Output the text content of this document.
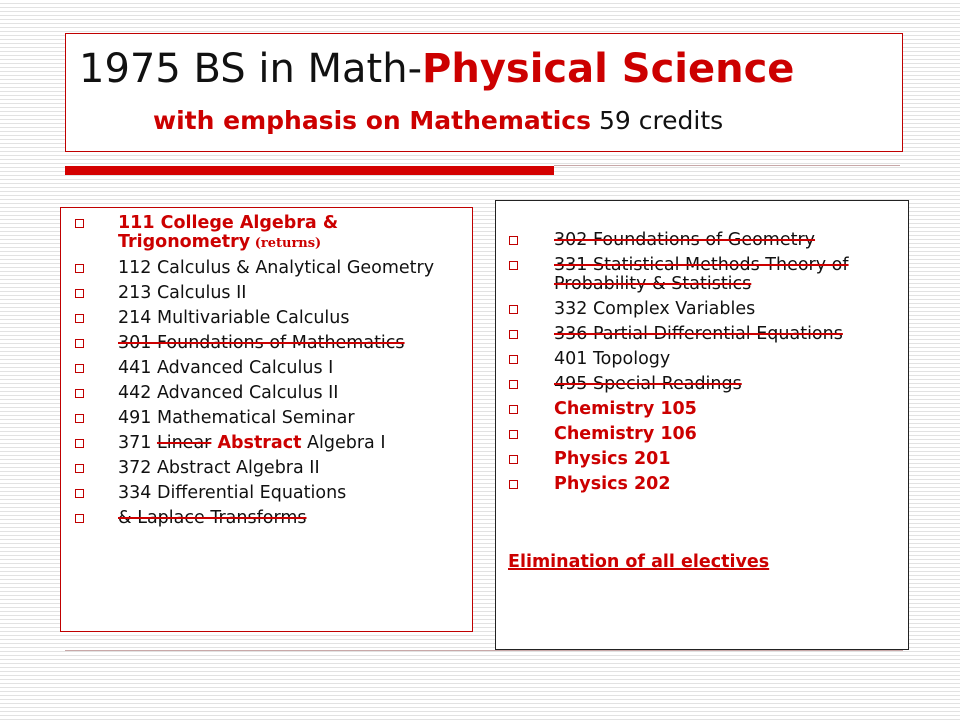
1975 BS in Math-Physical Science
with emphasis on Mathematics 59 credits
111 College Algebra & Trigonometry (returns)
112 Calculus & Analytical Geometry
213 Calculus II
214 Multivariable Calculus
301 Foundations of Mathematics
441 Advanced Calculus I
442 Advanced Calculus II
491 Mathematical Seminar
371 Linear Abstract Algebra I
372 Abstract Algebra II
334 Differential Equations
& Laplace Transforms
302 Foundations of Geometry
331 Statistical Methods Theory of Probability & Statistics
332 Complex Variables
336 Partial Differential Equations
401 Topology
495 Special Readings
Chemistry 105
Chemistry 106
Physics 201
Physics 202
Elimination of all electives
